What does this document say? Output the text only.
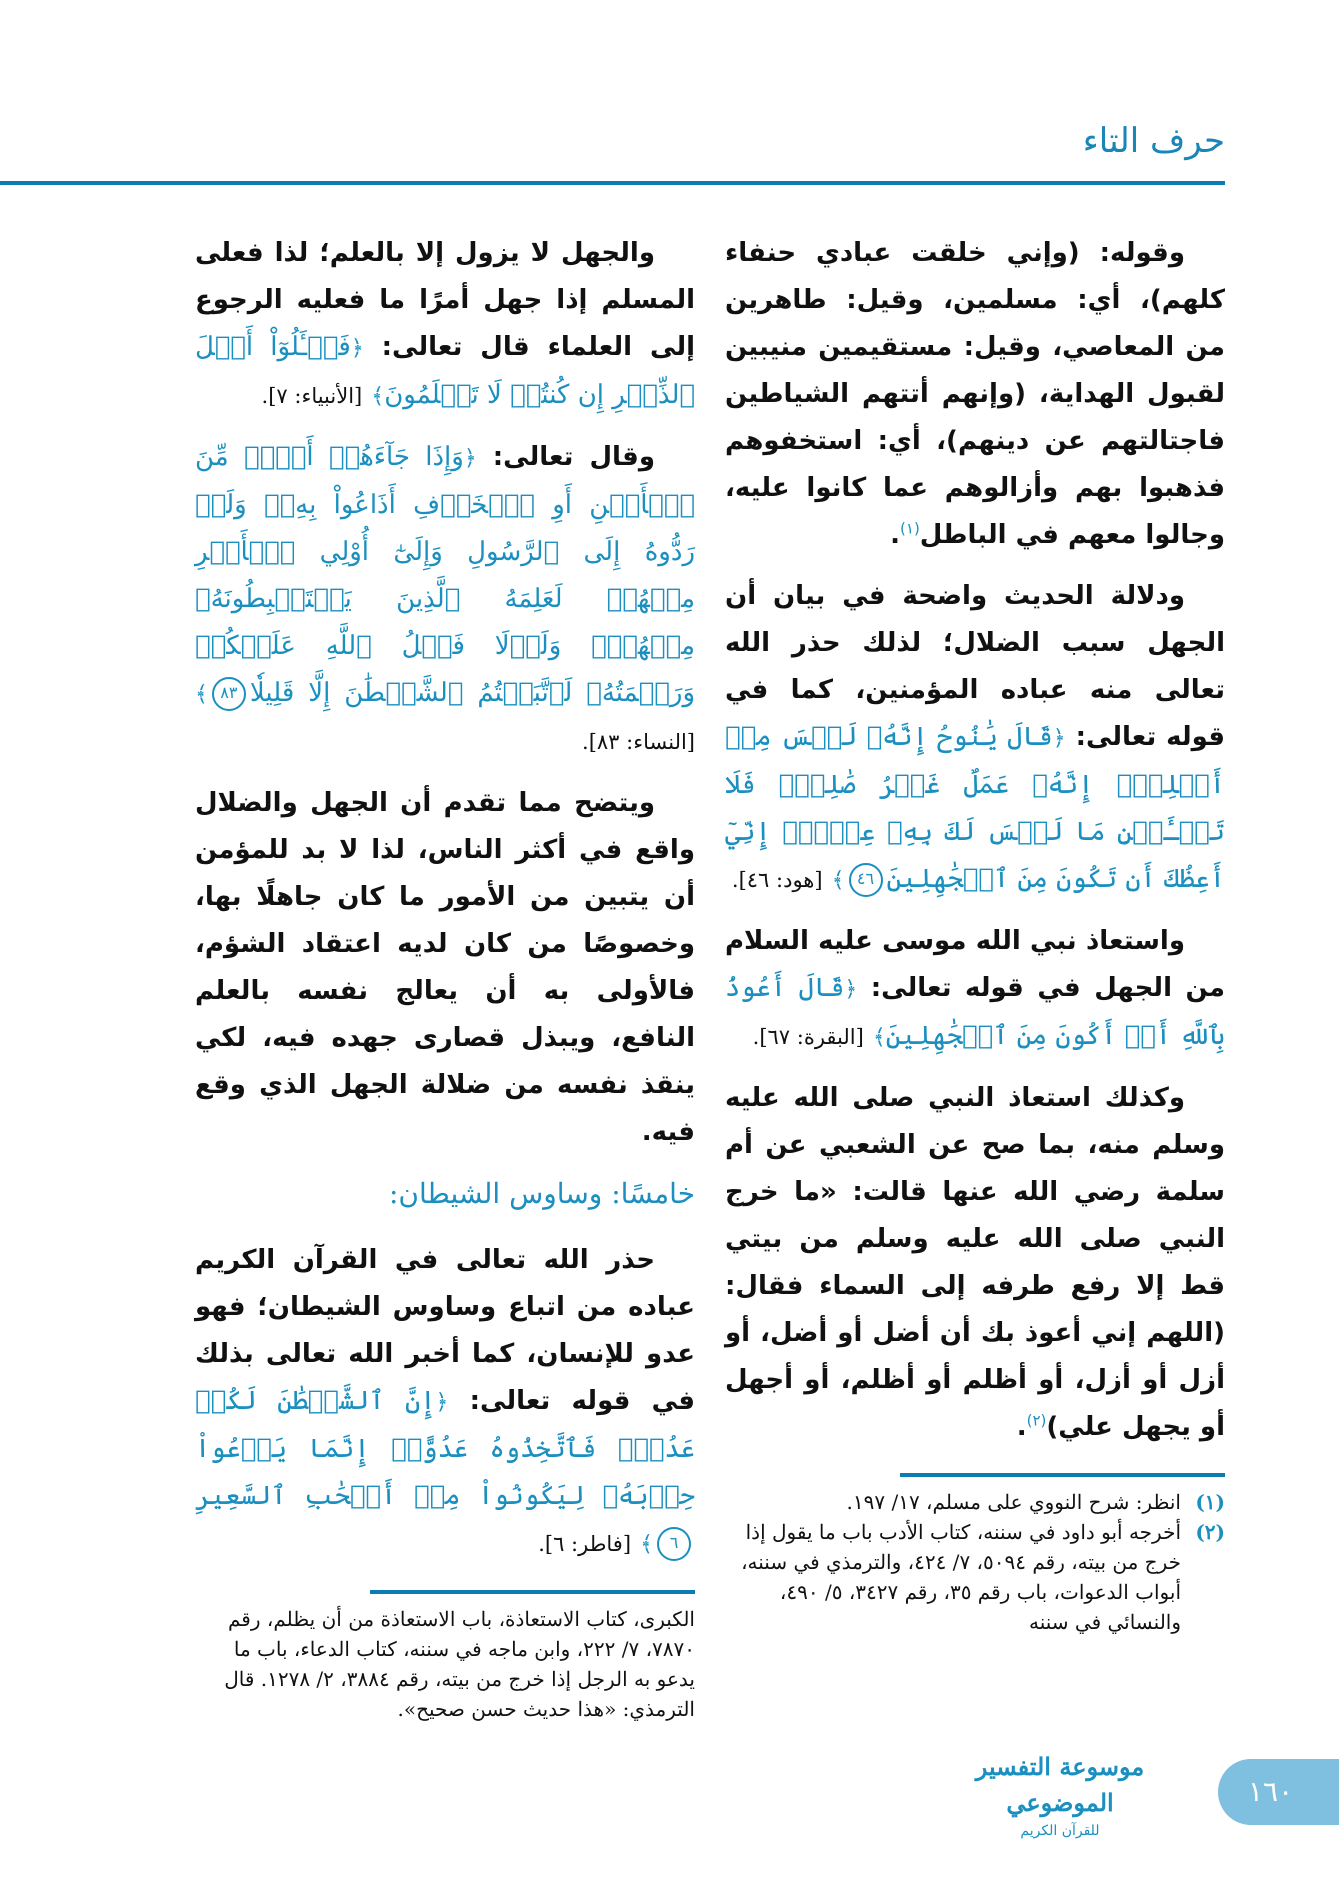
حرف التاء

وقوله: (وإني خلقت عبادي حنفاء كلهم)، أي: مسلمين، وقيل: طاهرين من المعاصي، وقيل: مستقيمين منيبين لقبول الهداية، (وإنهم أتتهم الشياطين فاجتالتهم عن دينهم)، أي: استخفوهم فذهبوا بهم وأزالوهم عما كانوا عليه، وجالوا معهم في الباطل$^{(١)}$.

ودلالة الحديث واضحة في بيان أن الجهل سبب الضلال؛ لذلك حذر الله تعالى منه عباده المؤمنين، كما في قوله تعالى: ﴿قَالَ يَٰنُوحُ إِنَّهُۥ لَيۡسَ مِنۡ أَهۡلِكَۖ إِنَّهُۥ عَمَلٌ غَيۡرُ صَٰلِحٖۖ فَلَا تَسۡـَٔلۡنِ مَا لَيۡسَ لَكَ بِهِۦ عِلۡمٌۖ إِنِّيٓ أَعِظُكَ أَن تَكُونَ مِنَ ٱلۡجَٰهِلِينَ٤٦﴾ [هود: ٤٦].

واستعاذ نبي الله موسى عليه السلام من الجهل في قوله تعالى: ﴿قَالَ أَعُوذُ بِٱللَّهِ أَنۡ أَكُونَ مِنَ ٱلۡجَٰهِلِينَ﴾ [البقرة: ٦٧].

وكذلك استعاذ النبي صلى الله عليه وسلم منه، بما صح عن الشعبي عن أم سلمة رضي الله عنها قالت: «ما خرج النبي صلى الله عليه وسلم من بيتي قط إلا رفع طرفه إلى السماء فقال: (اللهم إني أعوذ بك أن أضل أو أضل، أو أزل أو أزل، أو أظلم أو أظلم، أو أجهل أو يجهل علي)$^{(٢)}$.

(١)
انظر: شرح النووي على مسلم، ١٧/ ١٩٧.
(٢)
أخرجه أبو داود في سننه، كتاب الأدب باب ما يقول إذا خرج من بيته، رقم ٥٠٩٤، ٧/ ٤٢٤، والترمذي في سننه، أبواب الدعوات، باب رقم ٣٥، رقم ٣٤٢٧، ٥/ ٤٩٠، والنسائي في سننه

والجهل لا يزول إلا بالعلم؛ لذا فعلى المسلم إذا جهل أمرًا ما فعليه الرجوع إلى العلماء قال تعالى: ﴿فَسۡـَٔلُوٓاْ أَهۡلَ ٱلذِّكۡرِ إِن كُنتُمۡ لَا تَعۡلَمُونَ﴾ [الأنبياء: ٧].

وقال تعالى: ﴿وَإِذَا جَآءَهُمۡ أَمۡرٞ مِّنَ ٱلۡأَمۡنِ أَوِ ٱلۡخَوۡفِ أَذَاعُواْ بِهِۦۖ وَلَوۡ رَدُّوهُ إِلَى ٱلرَّسُولِ وَإِلَىٰٓ أُوْلِي ٱلۡأَمۡرِ مِنۡهُمۡ لَعَلِمَهُ ٱلَّذِينَ يَسۡتَنۢبِطُونَهُۥ مِنۡهُمۡۗ وَلَوۡلَا فَضۡلُ ٱللَّهِ عَلَيۡكُمۡ وَرَحۡمَتُهُۥ لَٱتَّبَعۡتُمُ ٱلشَّيۡطَٰنَ إِلَّا قَلِيلٗا٨٣﴾ [النساء: ٨٣].

ويتضح مما تقدم أن الجهل والضلال واقع في أكثر الناس، لذا لا بد للمؤمن أن يتبين من الأمور ما كان جاهلًا بها، وخصوصًا من كان لديه اعتقاد الشؤم، فالأولى به أن يعالج نفسه بالعلم النافع، ويبذل قصارى جهده فيه، لكي ينقذ نفسه من ضلالة الجهل الذي وقع فيه.

خامسًا: وساوس الشيطان:

حذر الله تعالى في القرآن الكريم عباده من اتباع وساوس الشيطان؛ فهو عدو للإنسان، كما أخبر الله تعالى بذلك في قوله تعالى: ﴿إِنَّ ٱلشَّيۡطَٰنَ لَكُمۡ عَدُوّٞ فَٱتَّخِذُوهُ عَدُوًّاۚ إِنَّمَا يَدۡعُواْ حِزۡبَهُۥ لِيَكُونُواْ مِنۡ أَصۡحَٰبِ ٱلسَّعِيرِ٦﴾ [فاطر: ٦].

الكبرى، كتاب الاستعاذة، باب الاستعاذة من أن يظلم، رقم ٧٨٧٠، ٧/ ٢٢٢، وابن ماجه في سننه، كتاب الدعاء، باب ما يدعو به الرجل إذا خرج من بيته، رقم ٣٨٨٤، ٢/ ١٢٧٨. قال الترمذي: «هذا حديث حسن صحيح».
موسوعة التفسير الموضوعي
للقرآن الكريم
١٦٠
